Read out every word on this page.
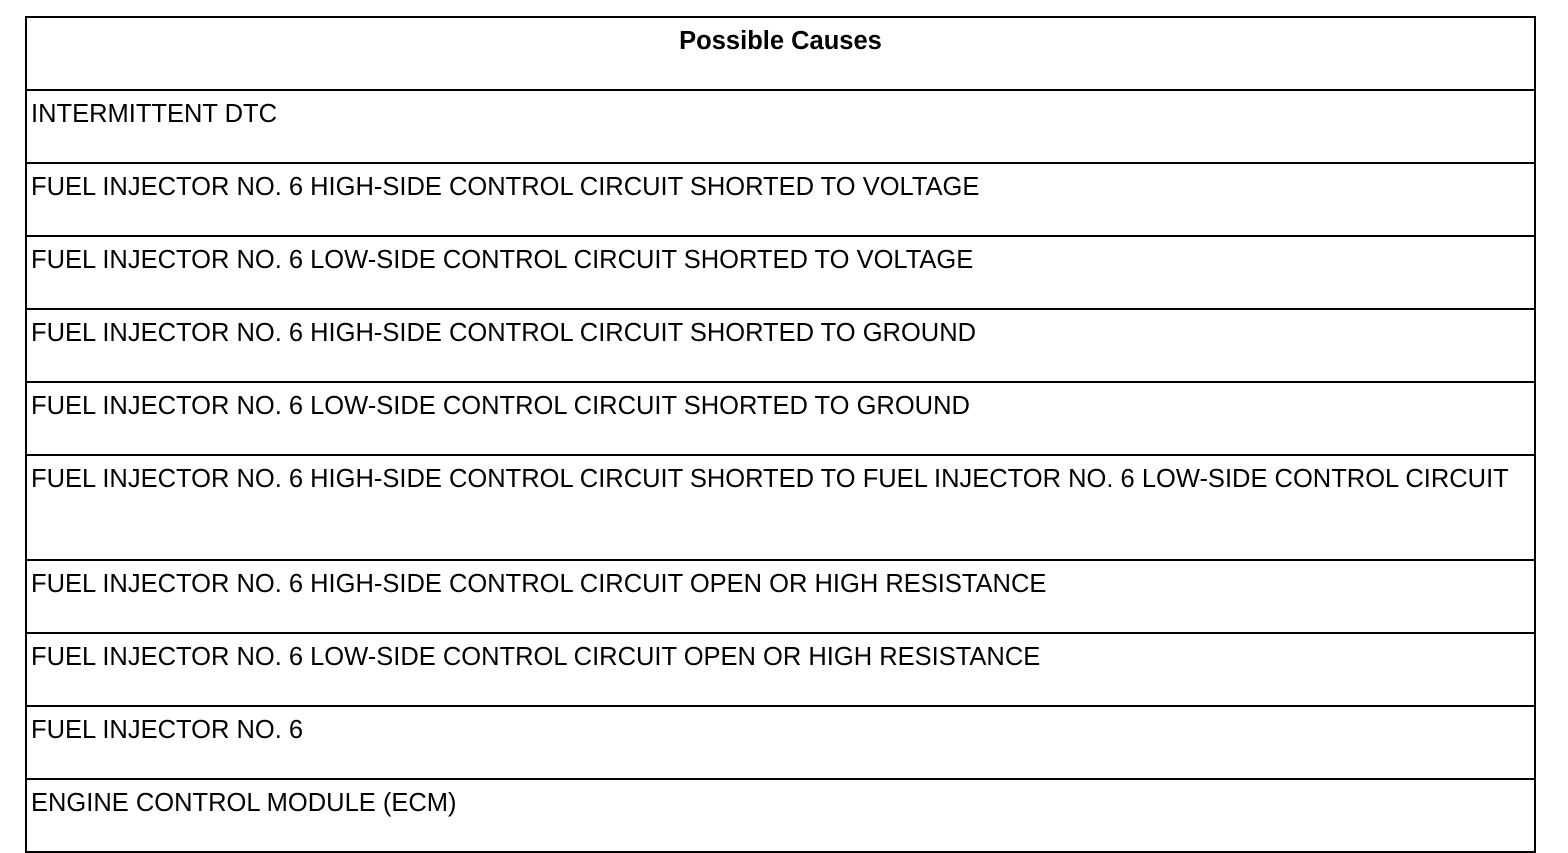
Possible Causes
INTERMITTENT DTC
FUEL INJECTOR NO. 6 HIGH-SIDE CONTROL CIRCUIT SHORTED TO VOLTAGE
FUEL INJECTOR NO. 6 LOW-SIDE CONTROL CIRCUIT SHORTED TO VOLTAGE
FUEL INJECTOR NO. 6 HIGH-SIDE CONTROL CIRCUIT SHORTED TO GROUND
FUEL INJECTOR NO. 6 LOW-SIDE CONTROL CIRCUIT SHORTED TO GROUND
FUEL INJECTOR NO. 6 HIGH-SIDE CONTROL CIRCUIT SHORTED TO FUEL INJECTOR NO. 6 LOW-SIDE CONTROL CIRCUIT
FUEL INJECTOR NO. 6 HIGH-SIDE CONTROL CIRCUIT OPEN OR HIGH RESISTANCE
FUEL INJECTOR NO. 6 LOW-SIDE CONTROL CIRCUIT OPEN OR HIGH RESISTANCE
FUEL INJECTOR NO. 6
ENGINE CONTROL MODULE (ECM)
